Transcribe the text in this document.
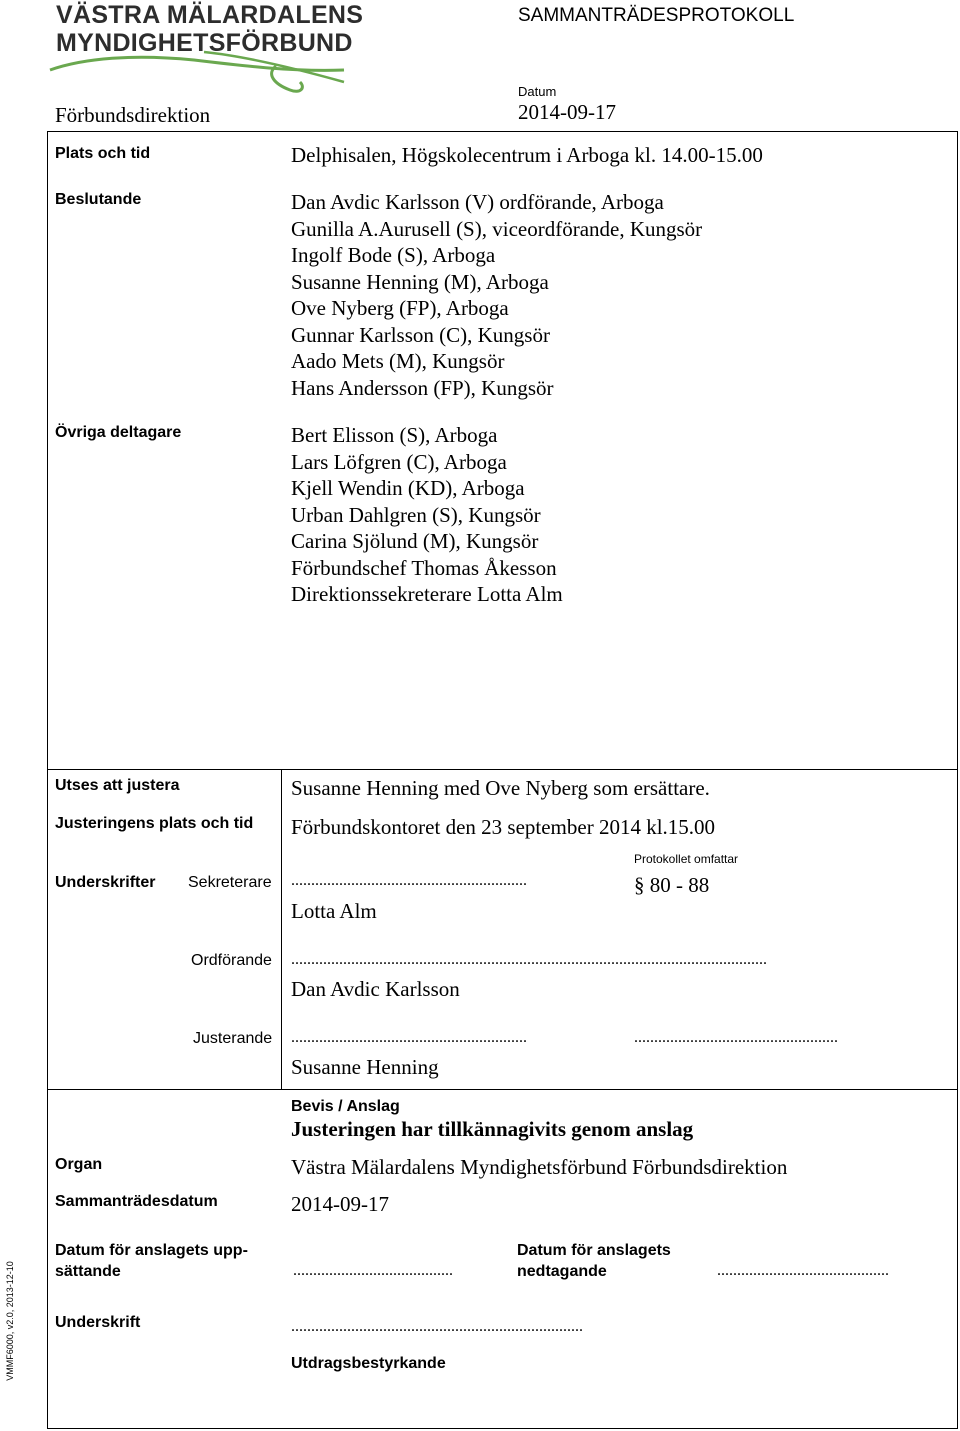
VÄSTRA MÄLARDALENS
MYNDIGHETSFÖRBUND
SAMMANTRÄDESPROTOKOLL
Förbundsdirektion
Datum
2014-09-17
Plats och tid	Delphisalen, Högskolecentrum i Arboga kl. 14.00-15.00
Beslutande	Dan Avdic Karlsson (V) ordförande, Arboga
Gunilla A.Aurusell (S), viceordförande, Kungsör
Ingolf Bode (S), Arboga
Susanne Henning (M), Arboga
Ove Nyberg (FP), Arboga
Gunnar Karlsson (C), Kungsör
Aado Mets (M), Kungsör
Hans Andersson (FP), Kungsör
Övriga deltagare	Bert Elisson (S), Arboga
Lars Löfgren (C), Arboga
Kjell Wendin (KD), Arboga
Urban Dahlgren (S), Kungsör
Carina Sjölund (M), Kungsör
Förbundschef Thomas Åkesson
Direktionssekreterare Lotta Alm
Utses att justera	Susanne Henning med Ove Nyberg som ersättare.
Justeringens plats och tid Förbundskontoret den 23 september 2014 kl.15.00
Protokollet omfattar
Underskrifter Sekreterare ...........................................................	§ 80 - 88
Lotta Alm
Ordförande .......................................................................................................................
Dan Avdic Karlsson
Justerande ...........................................................	...................................................
Susanne Henning
Bevis / Anslag
Justeringen har tillkännagivits genom anslag
Organ	Västra Mälardalens Myndighetsförbund Förbundsdirektion
Sammanträdesdatum	2014-09-17
Datum för anslagets upp-
sättande	........................................
Datum för anslagets
nedtagande	...........................................
Underskrift	.........................................................................
Utdragsbestyrkande
VMMF6000, v2.0, 2013-12-10
